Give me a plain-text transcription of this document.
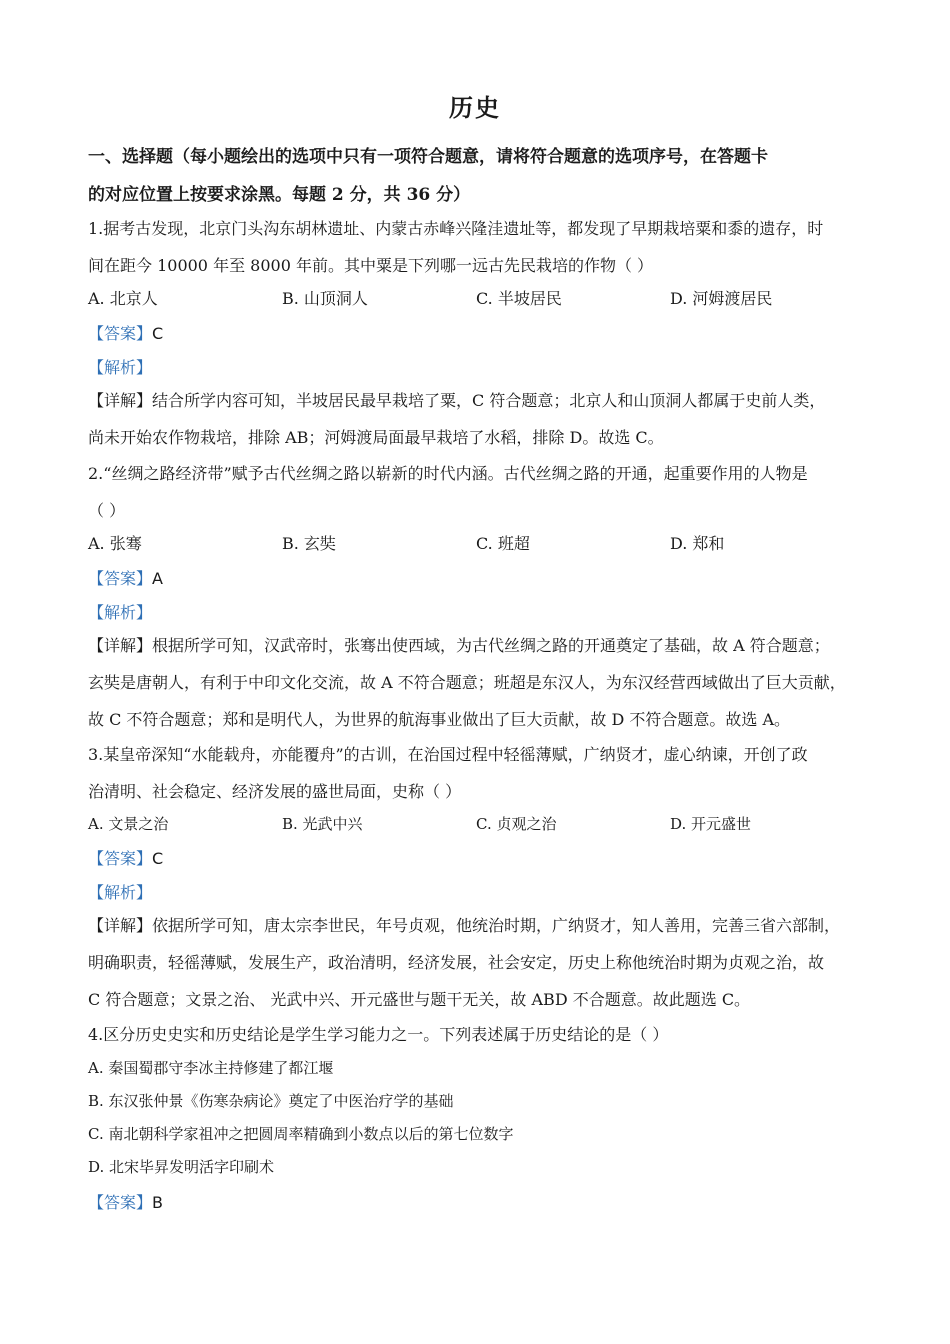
历史
一、选择题（每小题绘出的选项中只有一项符合题意，请将符合题意的选项序号，在答题卡
的对应位置上按要求涂黑。每题 2 分，共 36 分）
1.据考古发现，北京门头沟东胡林遗址、内蒙古赤峰兴隆洼遗址等，都发现了早期栽培粟和黍的遗存，时
间在距今 10000 年至 8000 年前。其中粟是下列哪一远古先民栽培的作物（ ）
A. 北京人	B. 山顶洞人	C. 半坡居民	D. 河姆渡居民
【答案】C
【解析】
【详解】结合所学内容可知，半坡居民最早栽培了粟，C 符合题意；北京人和山顶洞人都属于史前人类，
尚未开始农作物栽培，排除 AB；河姆渡局面最早栽培了水稻，排除 D。故选 C。
2.“丝绸之路经济带”赋予古代丝绸之路以崭新的时代内涵。古代丝绸之路的开通，起重要作用的人物是
（ ）
A. 张骞	B. 玄奘	C. 班超	D. 郑和
【答案】A
【解析】
【详解】根据所学可知，汉武帝时，张骞出使西域，为古代丝绸之路的开通奠定了基础，故 A 符合题意；
玄奘是唐朝人，有利于中印文化交流，故 A 不符合题意；班超是东汉人，为东汉经营西域做出了巨大贡献，
故 C 不符合题意；郑和是明代人，为世界的航海事业做出了巨大贡献，故 D 不符合题意。故选 A。
3.某皇帝深知“水能载舟，亦能覆舟”的古训，在治国过程中轻徭薄赋，广纳贤才，虚心纳谏，开创了政
治清明、社会稳定、经济发展的盛世局面，史称（ ）
A. 文景之治	B. 光武中兴	C. 贞观之治	D. 开元盛世
【答案】C
【解析】
【详解】依据所学可知，唐太宗李世民，年号贞观，他统治时期，广纳贤才，知人善用，完善三省六部制，
明确职责，轻徭薄赋，发展生产，政治清明，经济发展，社会安定，历史上称他统治时期为贞观之治，故
C 符合题意；文景之治、 光武中兴、开元盛世与题干无关，故 ABD 不合题意。故此题选 C。
4.区分历史史实和历史结论是学生学习能力之一。下列表述属于历史结论的是（ ）
A. 秦国蜀郡守李冰主持修建了都江堰
B. 东汉张仲景《伤寒杂病论》奠定了中医治疗学的基础
C. 南北朝科学家祖冲之把圆周率精确到小数点以后的第七位数字
D. 北宋毕昇发明活字印刷术
【答案】B
